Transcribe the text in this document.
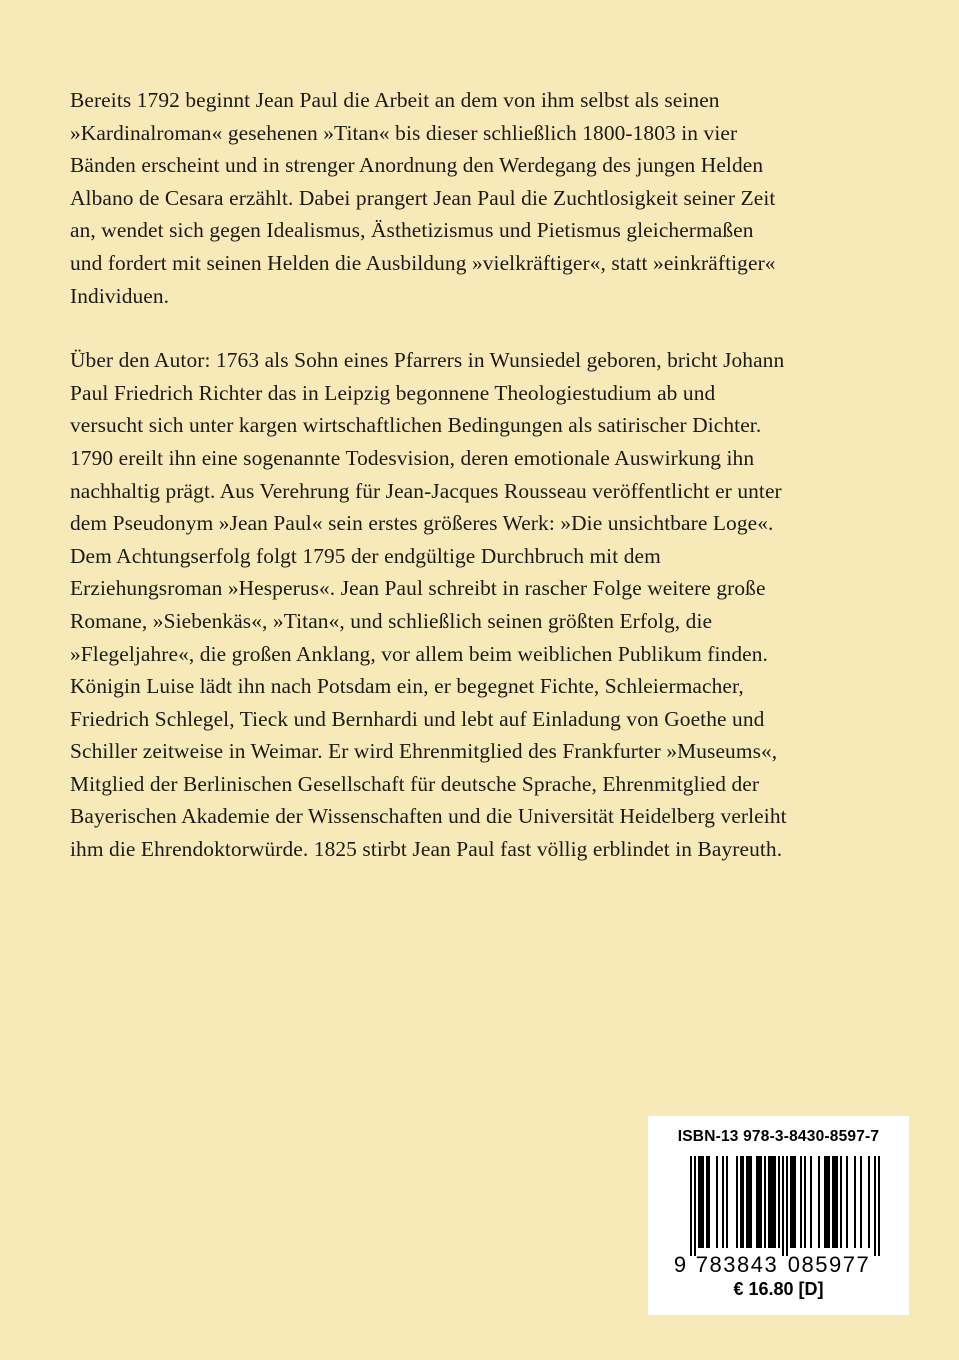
Bereits 1792 beginnt Jean Paul die Arbeit an dem von ihm selbst als seinen
»Kardinalroman« gesehenen »Titan« bis dieser schließlich 1800-1803 in vier
Bänden erscheint und in strenger Anordnung den Werdegang des jungen Helden
Albano de Cesara erzählt. Dabei prangert Jean Paul die Zuchtlosigkeit seiner Zeit
an, wendet sich gegen Idealismus, Ästhetizismus und Pietismus gleichermaßen
und fordert mit seinen Helden die Ausbildung »vielkräftiger«, statt »einkräftiger«
Individuen.
Über den Autor: 1763 als Sohn eines Pfarrers in Wunsiedel geboren, bricht Johann
Paul Friedrich Richter das in Leipzig begonnene Theologiestudium ab und
versucht sich unter kargen wirtschaftlichen Bedingungen als satirischer Dichter.
1790 ereilt ihn eine sogenannte Todesvision, deren emotionale Auswirkung ihn
nachhaltig prägt. Aus Verehrung für Jean-Jacques Rousseau veröffentlicht er unter
dem Pseudonym »Jean Paul« sein erstes größeres Werk: »Die unsichtbare Loge«.
Dem Achtungserfolg folgt 1795 der endgültige Durchbruch mit dem
Erziehungsroman »Hesperus«. Jean Paul schreibt in rascher Folge weitere große
Romane, »Siebenkäs«, »Titan«, und schließlich seinen größten Erfolg, die
»Flegeljahre«, die großen Anklang, vor allem beim weiblichen Publikum finden.
Königin Luise lädt ihn nach Potsdam ein, er begegnet Fichte, Schleiermacher,
Friedrich Schlegel, Tieck und Bernhardi und lebt auf Einladung von Goethe und
Schiller zeitweise in Weimar. Er wird Ehrenmitglied des Frankfurter »Museums«,
Mitglied der Berlinischen Gesellschaft für deutsche Sprache, Ehrenmitglied der
Bayerischen Akademie der Wissenschaften und die Universität Heidelberg verleiht
ihm die Ehrendoktorwürde. 1825 stirbt Jean Paul fast völlig erblindet in Bayreuth.
ISBN-13 978-3-8430-8597-7
9 783843 085977
€ 16.80 [D]
